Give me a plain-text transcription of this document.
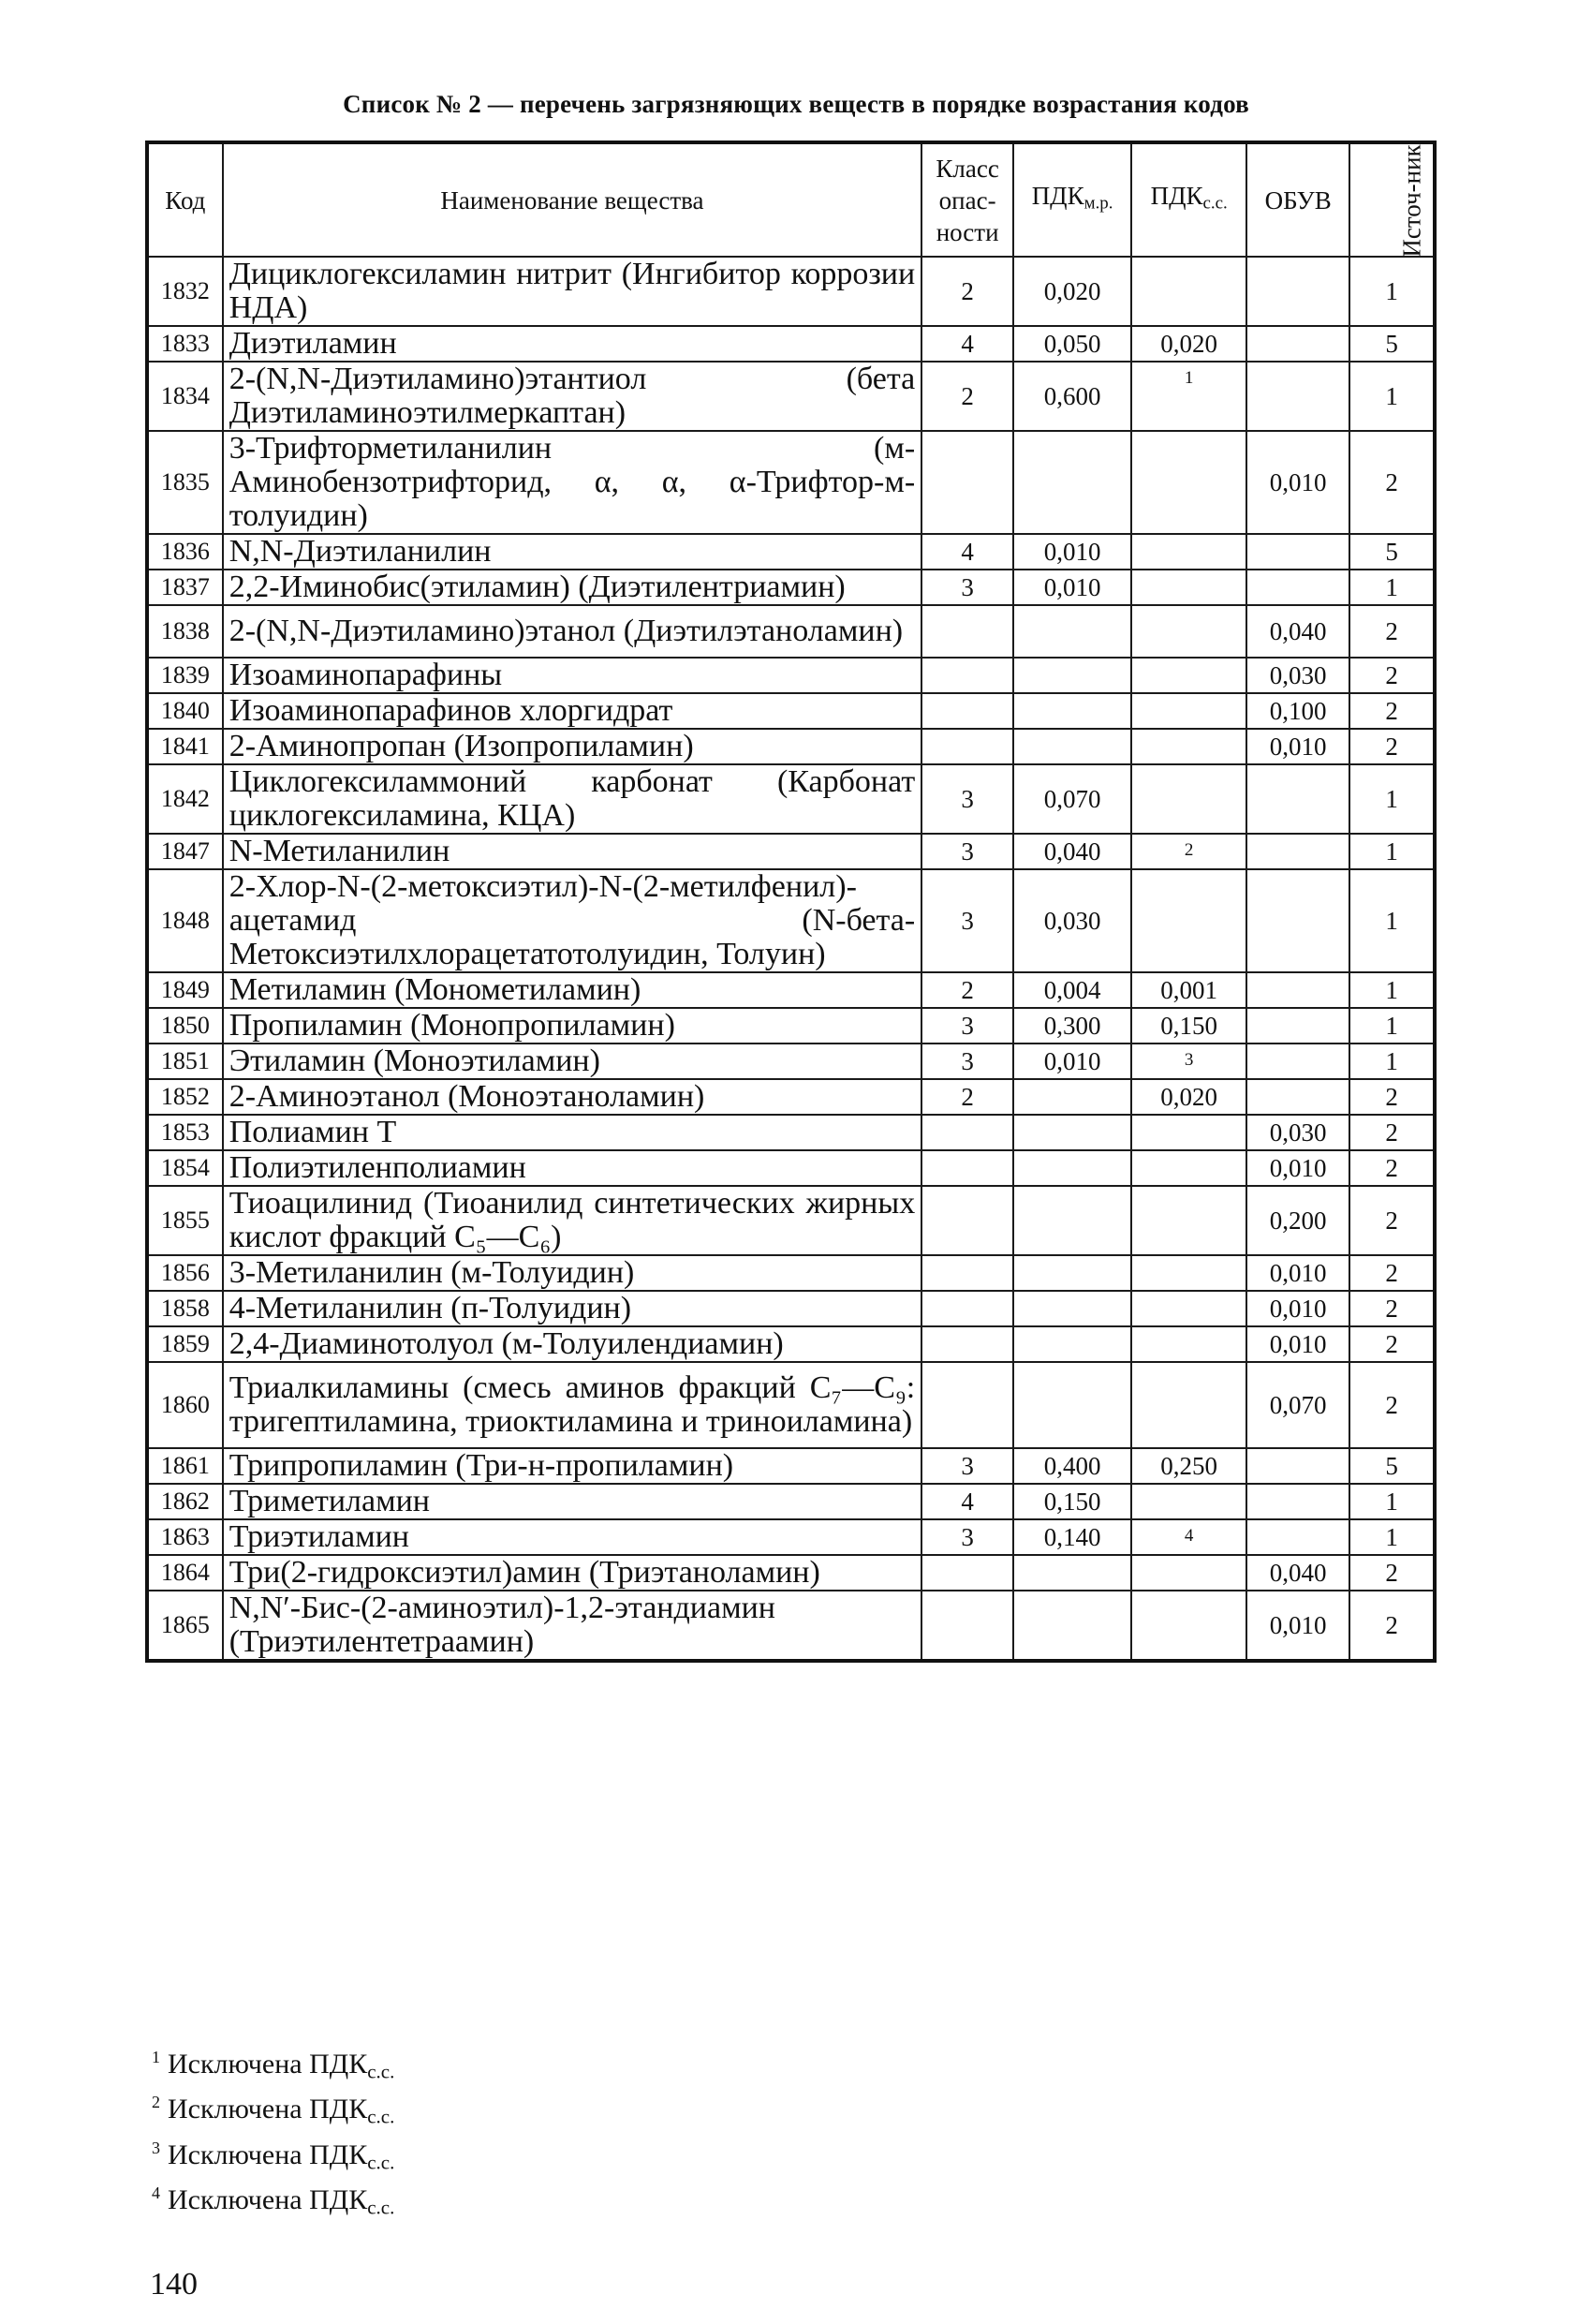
Список № 2 — перечень загрязняющих веществ в порядке возрастания кодов
Код	Наименование вещества	Класс опас-ности	$ПДК_{м.р.}$	$ПДК_{с.с.}$	ОБУВ	Источ-ник
1832	Дициклогексиламин нитрит (Ингибитор коррозии НДА)	2	0,020			1
1833	Диэтиламин	4	0,050	0,020		5
1834	2-(N,N-Диэтиламино)этантиол (бета Диэтиламиноэтилмеркаптан)	2	0,600	1		1
1835	3-Трифторметиланилин (м-Аминобензотрифторид, α, α, α-Трифтор-м-толуидин)				0,010	2
1836	N,N-Диэтиланилин	4	0,010			5
1837	2,2-Иминобис(этиламин) (Диэтилентриамин)	3	0,010			1
1838	2-(N,N-Диэтиламино)этанол (Диэтилэтаноламин)				0,040	2
1839	Изоаминопарафины				0,030	2
1840	Изоаминопарафинов хлоргидрат				0,100	2
1841	2-Аминопропан (Изопропиламин)				0,010	2
1842	Циклогексиламмоний карбонат (Карбонат циклогексиламина, КЦА)	3	0,070			1
1847	N-Метиланилин	3	0,040	2		1
1848	2-Хлор-N-(2-метоксиэтил)-N-(2-метилфенил)-ацетамид (N-бета-Метоксиэтилхлорацетатотолуидин, Толуин)	3	0,030			1
1849	Метиламин (Монометиламин)	2	0,004	0,001		1
1850	Пропиламин (Монопропиламин)	3	0,300	0,150		1
1851	Этиламин (Моноэтиламин)	3	0,010	3		1
1852	2-Аминоэтанол (Моноэтаноламин)	2		0,020		2
1853	Полиамин Т				0,030	2
1854	Полиэтиленполиамин				0,010	2
1855	Тиоацилинид (Тиоанилид синтетических жирных кислот фракций C₅—C₆)				0,200	2
1856	3-Метиланилин (м-Толуидин)				0,010	2
1858	4-Метиланилин (п-Толуидин)				0,010	2
1859	2,4-Диаминотолуол (м-Толуилендиамин)				0,010	2
1860	Триалкиламины (смесь аминов фракций C₇—C₉: тригептиламина, триоктиламина и триноиламина)				0,070	2
1861	Трипропиламин (Три-н-пропиламин)	3	0,400	0,250		5
1862	Триметиламин	4	0,150			1
1863	Триэтиламин	3	0,140	4		1
1864	Три(2-гидроксиэтил)амин (Триэтаноламин)				0,040	2
1865	N,N′-Бис-(2-аминоэтил)-1,2-этандиамин (Триэтилентетраамин)				0,010	2
$^1$ Исключена $ПДК_{с.с.}$
$^2$ Исключена $ПДК_{с.с.}$
$^3$ Исключена $ПДК_{с.с.}$
$^4$ Исключена $ПДК_{с.с.}$
140
